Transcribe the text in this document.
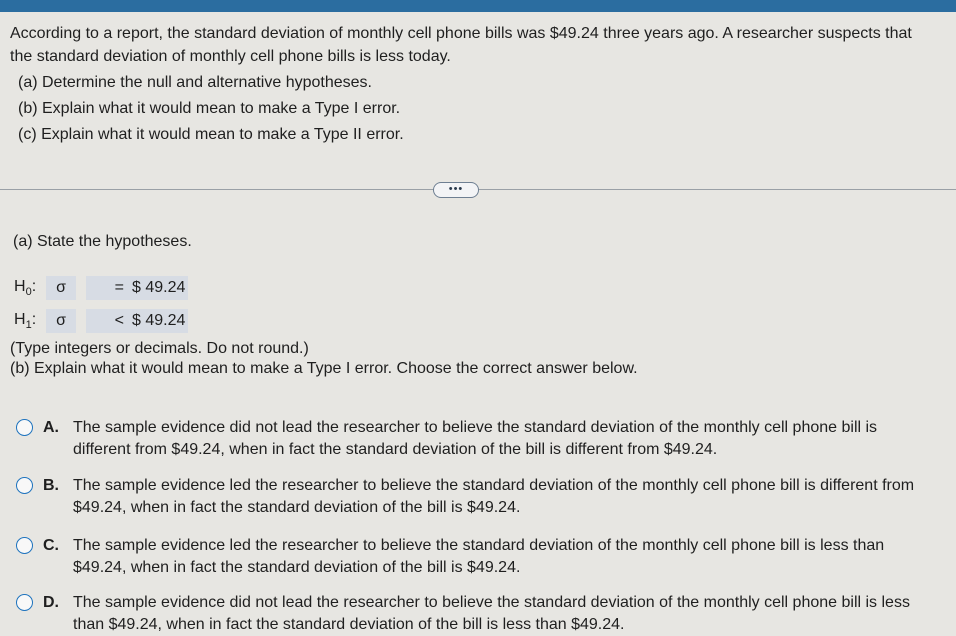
According to a report, the standard deviation of monthly cell phone bills was $49.24 three years ago. A researcher suspects that the standard deviation of monthly cell phone bills is less today.

(a) Determine the null and alternative hypotheses.
(b) Explain what it would mean to make a Type I error.
(c) Explain what it would mean to make a Type II error.
•••
(a) State the hypotheses.
$H_0$:	σ	= $ 49.24
$H_1$:	σ	< $ 49.24
(Type integers or decimals. Do not round.)
(b) Explain what it would mean to make a Type I error. Choose the correct answer below.
A. The sample evidence did not lead the researcher to believe the standard deviation of the monthly cell phone bill is different from $49.24, when in fact the standard deviation of the bill is different from $49.24.
B. The sample evidence led the researcher to believe the standard deviation of the monthly cell phone bill is different from $49.24, when in fact the standard deviation of the bill is $49.24.
C. The sample evidence led the researcher to believe the standard deviation of the monthly cell phone bill is less than $49.24, when in fact the standard deviation of the bill is $49.24.
D. The sample evidence did not lead the researcher to believe the standard deviation of the monthly cell phone bill is less than $49.24, when in fact the standard deviation of the bill is less than $49.24.
